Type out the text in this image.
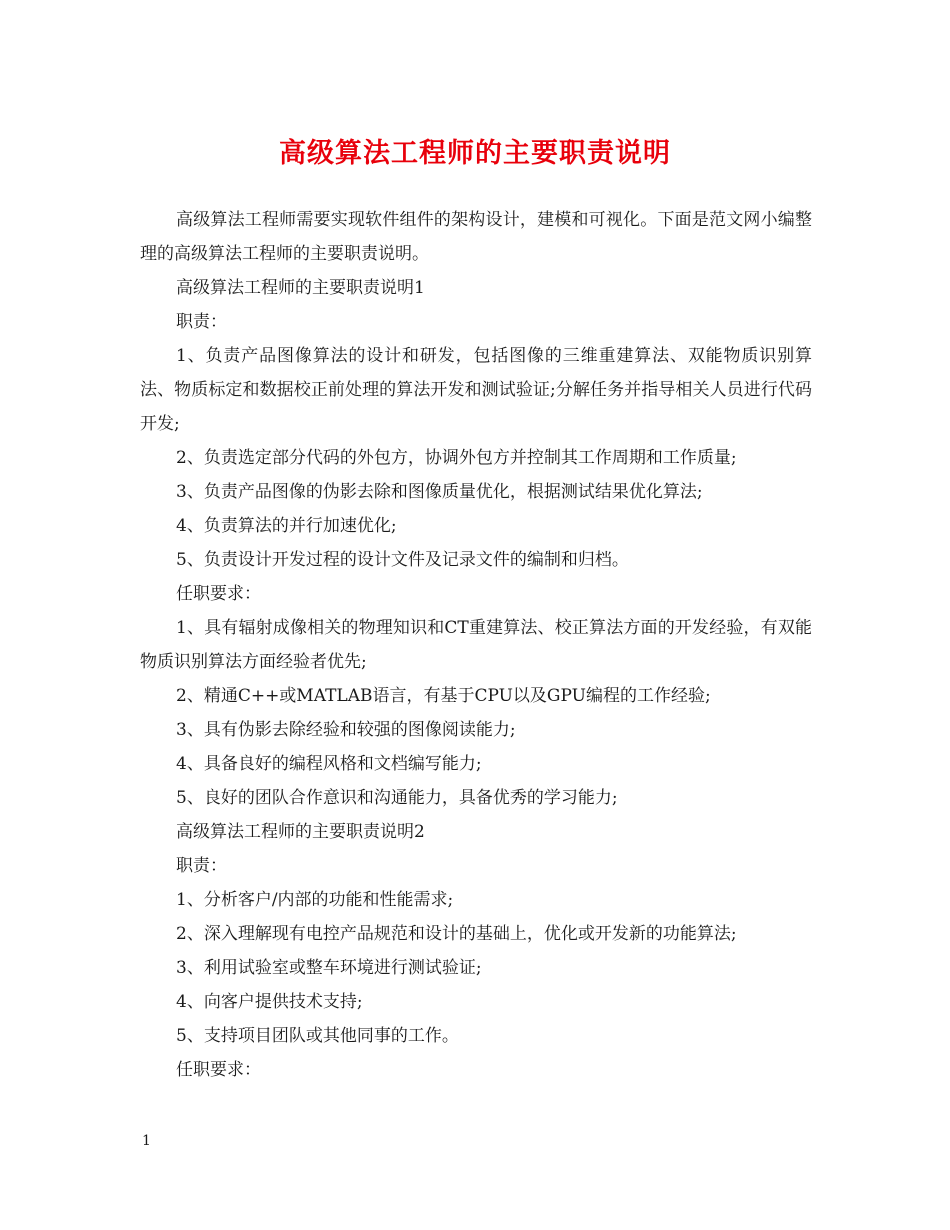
高级算法工程师的主要职责说明

高级算法工程师需要实现软件组件的架构设计，建模和可视化。下面是范文网小编整理的高级算法工程师的主要职责说明。

高级算法工程师的主要职责说明1

职责：

1、负责产品图像算法的设计和研发，包括图像的三维重建算法、双能物质识别算法、物质标定和数据校正前处理的算法开发和测试验证;分解任务并指导相关人员进行代码开发;

2、负责选定部分代码的外包方，协调外包方并控制其工作周期和工作质量;

3、负责产品图像的伪影去除和图像质量优化，根据测试结果优化算法;

4、负责算法的并行加速优化;

5、负责设计开发过程的设计文件及记录文件的编制和归档。

任职要求：

1、具有辐射成像相关的物理知识和CT重建算法、校正算法方面的开发经验，有双能物质识别算法方面经验者优先;

2、精通C++或MATLAB语言，有基于CPU以及GPU编程的工作经验;

3、具有伪影去除经验和较强的图像阅读能力;

4、具备良好的编程风格和文档编写能力;

5、良好的团队合作意识和沟通能力，具备优秀的学习能力;

高级算法工程师的主要职责说明2

职责：

1、分析客户/内部的功能和性能需求;

2、深入理解现有电控产品规范和设计的基础上，优化或开发新的功能算法;

3、利用试验室或整车环境进行测试验证;

4、向客户提供技术支持;

5、支持项目团队或其他同事的工作。

任职要求：

1
